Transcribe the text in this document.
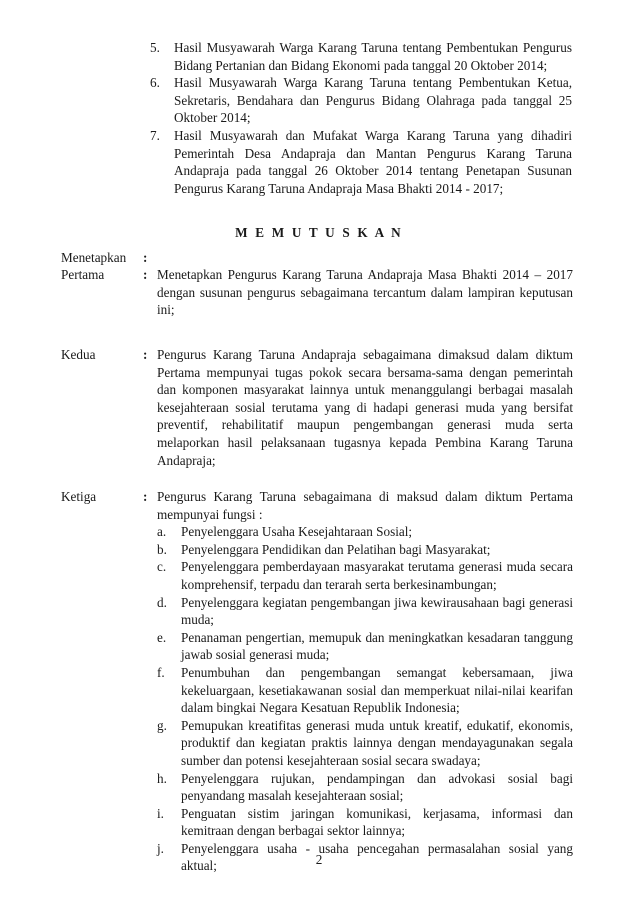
5.	Hasil Musyawarah Warga Karang Taruna tentang Pembentukan Pengurus Bidang Pertanian dan Bidang Ekonomi pada tanggal 20 Oktober 2014;
6.	Hasil Musyawarah Warga Karang Taruna tentang Pembentukan Ketua, Sekretaris, Bendahara dan Pengurus Bidang Olahraga pada tanggal 25 Oktober 2014;
7.	Hasil Musyawarah dan Mufakat Warga Karang Taruna yang dihadiri Pemerintah Desa Andapraja dan Mantan Pengurus Karang Taruna Andapraja pada tanggal 26 Oktober 2014 tentang Penetapan Susunan Pengurus Karang Taruna Andapraja Masa Bhakti 2014 - 2017;
M E M U T U S K A N
Menetapkan	:
Pertama	: Menetapkan Pengurus Karang Taruna Andapraja Masa Bhakti 2014 – 2017 dengan susunan pengurus sebagaimana tercantum dalam lampiran keputusan ini;
Kedua	: Pengurus Karang Taruna Andapraja sebagaimana dimaksud dalam diktum Pertama mempunyai tugas pokok secara bersama-sama dengan pemerintah dan komponen masyarakat lainnya untuk menanggulangi berbagai masalah kesejahteraan sosial terutama yang di hadapi generasi muda yang bersifat preventif, rehabilitatif maupun pengembangan generasi muda serta melaporkan hasil pelaksanaan tugasnya kepada Pembina Karang Taruna Andapraja;
Ketiga	: Pengurus Karang Taruna sebagaimana di maksud dalam diktum Pertama mempunyai fungsi :
a.	Penyelenggara Usaha Kesejahtaraan Sosial;
b.	Penyelenggara Pendidikan dan Pelatihan bagi Masyarakat;
c.	Penyelenggara pemberdayaan masyarakat terutama generasi muda secara komprehensif, terpadu dan terarah serta berkesinambungan;
d.	Penyelenggara kegiatan pengembangan jiwa kewirausahaan bagi generasi muda;
e.	Penanaman pengertian, memupuk dan meningkatkan kesadaran tanggung jawab sosial generasi muda;
f.	Penumbuhan dan pengembangan semangat kebersamaan, jiwa kekeluargaan, kesetiakawanan sosial dan memperkuat nilai-nilai kearifan dalam bingkai Negara Kesatuan Republik Indonesia;
g.	Pemupukan kreatifitas generasi muda untuk kreatif, edukatif, ekonomis, produktif dan kegiatan praktis lainnya dengan mendayagunakan segala sumber dan potensi kesejahteraan sosial secara swadaya;
h.	Penyelenggara rujukan, pendampingan dan advokasi sosial bagi penyandang masalah kesejahteraan sosial;
i.	Penguatan sistim jaringan komunikasi, kerjasama, informasi dan kemitraan dengan berbagai sektor lainnya;
j.	Penyelenggara usaha - usaha pencegahan permasalahan sosial yang aktual;	2
